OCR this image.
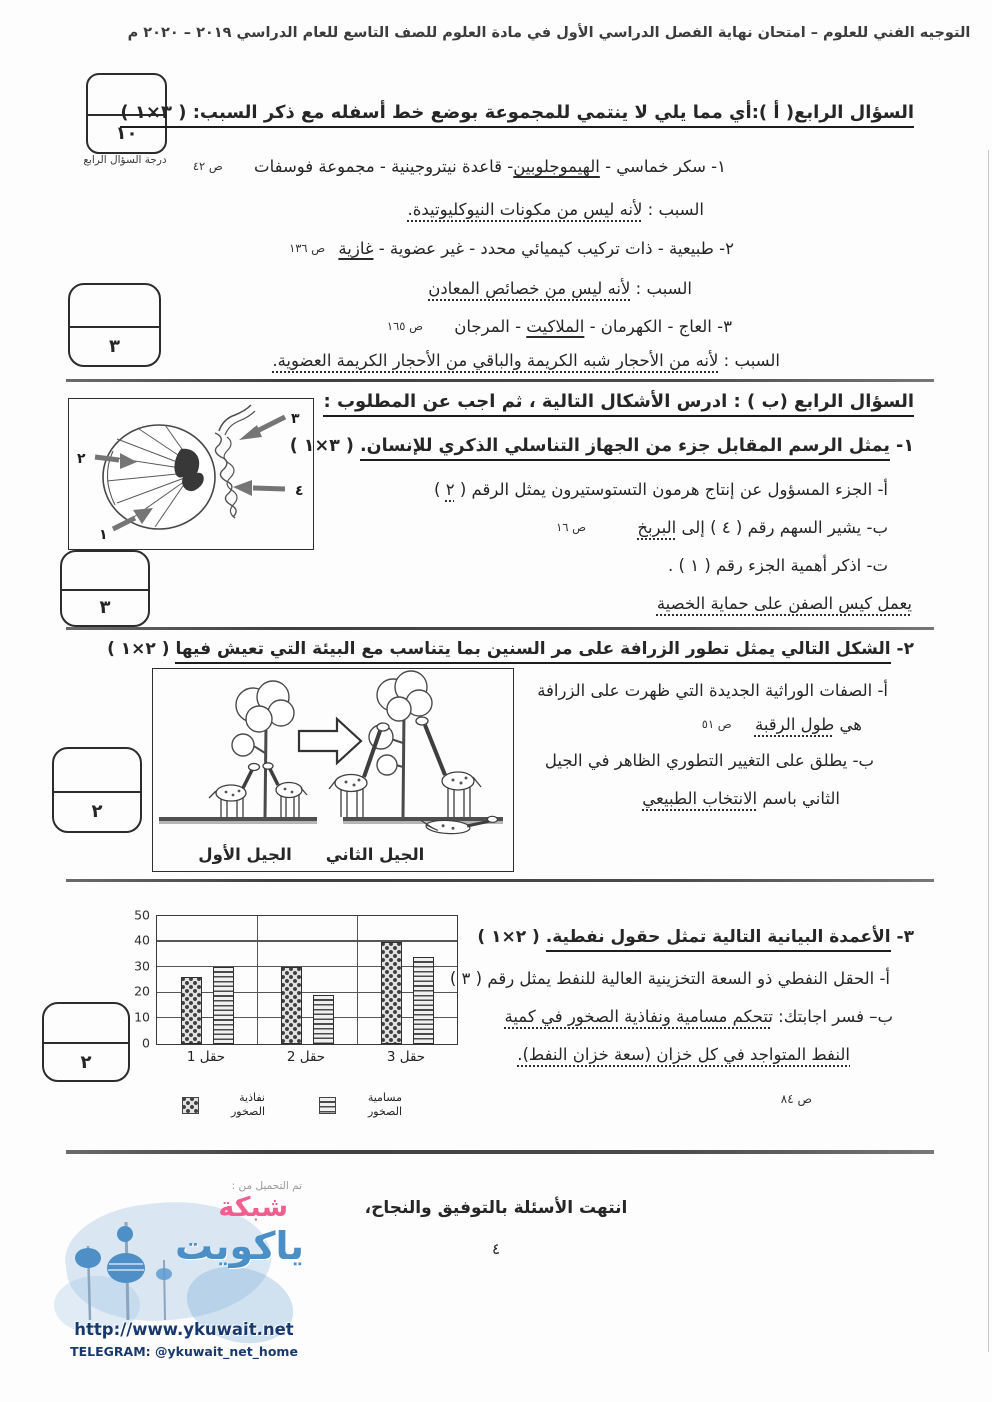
التوجيه الفني للعلوم – امتحان نهاية الفصل الدراسي الأول في مادة العلوم للصف التاسع للعام الدراسي ٢٠١٩ – ٢٠٢٠ م
١٠
درجة السؤال الرابع
٣
٣
٢
٢
السؤال الرابع( أ ):أي مما يلي لا ينتمي للمجموعة بوضع خط أسفله مع ذكر السبب: ( ٣×١ )
١- سكر خماسي - الهيموجلوبين- قاعدة نيتروجينية - مجموعة فوسفات ص ٤٢
السبب : لأنه ليس من مكونات النيوكليوتيدة.
٢- طبيعية - ذات تركيب كيميائي محدد - غير عضوية - غازية ص ١٣٦
السبب : لأنه ليس من خصائص المعادن
٣- العاج - الكهرمان - الملاكيت - المرجان ص ١٦٥
السبب : لأنه من الأحجار شبه الكريمة والباقي من الأحجار الكريمة العضوية.
السؤال الرابع (ب ) : ادرس الأشكال التالية ، ثم اجب عن المطلوب :
٣
٢
٤
١
١- يمثل الرسم المقابل جزء من الجهاز التناسلي الذكري للإنسان. ( ٣×١ )
أ- الجزء المسؤول عن إنتاج هرمون التستوستيرون يمثل الرقم ( ٢ )
ب- يشير السهم رقم ( ٤ ) إلى البربخ ص ١٦
ت- اذكر أهمية الجزء رقم ( ١ ) .
يعمل كيس الصفن على حماية الخصية
٢- الشكل التالي يمثل تطور الزرافة على مر السنين بما يتناسب مع البيئة التي تعيش فيها ( ٢×١ )
الجيل الأول	الجيل الثاني
أ- الصفات الوراثية الجديدة التي ظهرت على الزرافة
هي طول الرقبة ص ٥١
ب- يطلق على التغيير التطوري الظاهر في الجيل
الثاني باسم الانتخاب الطبيعي
0
10
20
30
40
50
حقل 1	حقل 2	حقل 3
نفاذية الصخور
مسامية الصخور
٣- الأعمدة البيانية التالية تمثل حقول نفطية. ( ٢×١ )
أ- الحقل النفطي ذو السعة التخزينية العالية للنفط يمثل رقم ( ٣ )
ب– فسر اجابتك: تتحكم مسامية ونفاذية الصخور في كمية
النفط المتواجد في كل خزان (سعة خزان النفط).
ص ٨٤
انتهت الأسئلة بالتوفيق والنجاح،
٤
تم التحميل من :
شبكة
ياكويت
http://www.ykuwait.net
TELEGRAM: @ykuwait_net_home
